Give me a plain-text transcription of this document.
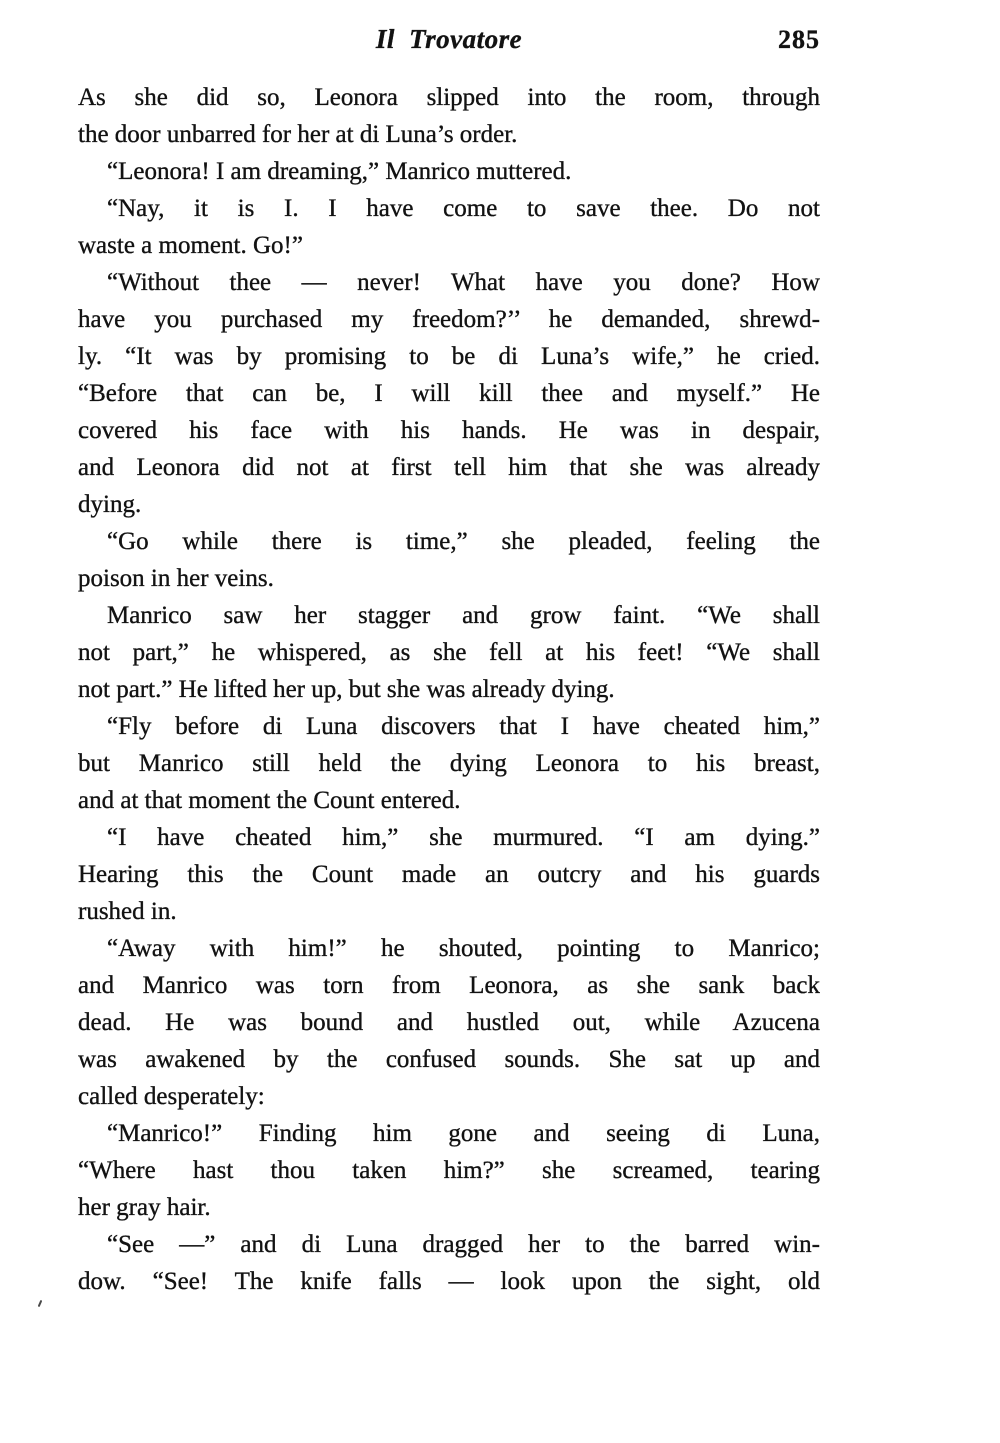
Il Trovatore	285
As she did so, Leonora slipped into the room, through
the door unbarred for her at di Luna’s order.
“Leonora! I am dreaming,” Manrico muttered.
“Nay, it is I. I have come to save thee. Do not
waste a moment. Go!”
“Without thee — never! What have you done? How
have you purchased my freedom?’’ he demanded, shrewd-
ly. “It was by promising to be di Luna’s wife,” he cried.
“Before that can be, I will kill thee and myself.” He
covered his face with his hands. He was in despair,
and Leonora did not at first tell him that she was already
dying.
“Go while there is time,” she pleaded, feeling the
poison in her veins.
Manrico saw her stagger and grow faint. “We shall
not part,” he whispered, as she fell at his feet! “We shall
not part.” He lifted her up, but she was already dying.
“Fly before di Luna discovers that I have cheated him,”
but Manrico still held the dying Leonora to his breast,
and at that moment the Count entered.
“I have cheated him,” she murmured. “I am dying.”
Hearing this the Count made an outcry and his guards
rushed in.
“Away with him!” he shouted, pointing to Manrico;
and Manrico was torn from Leonora, as she sank back
dead. He was bound and hustled out, while Azucena
was awakened by the confused sounds. She sat up and
called desperately:
“Manrico!” Finding him gone and seeing di Luna,
“Where hast thou taken him?” she screamed, tearing
her gray hair.
“See —” and di Luna dragged her to the barred win-
dow. “See! The knife falls — look upon the sight, old
